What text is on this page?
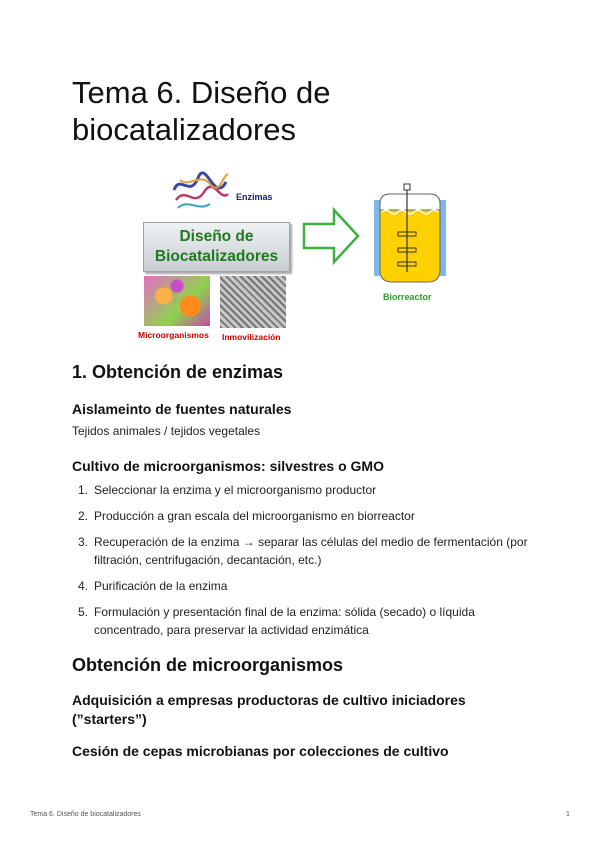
Tema 6. Diseño de biocatalizadores
Enzimas
Diseño de
Biocatalizadores
Microorganismos Inmovilización
Biorreactor
1. Obtención de enzimas
Aislameinto de fuentes naturales

Tejidos animales / tejidos vegetales

Cultivo de microorganismos: silvestres o GMO
1. Seleccionar la enzima y el microorganismo productor
2. Producción a gran escala del microorganismo en biorreactor
3. Recuperación de la enzima → separar las células del medio de fermentación (por filtración, centrifugación, decantación, etc.)
4. Purificación de la enzima
5. Formulación y presentación final de la enzima: sólida (secado) o líquida concentrado, para preservar la actividad enzimática
Obtención de microorganismos
Adquisición a empresas productoras de cultivo iniciadores (”starters”)
Cesión de cepas microbianas por colecciones de cultivo
Tema 6. Diseño de biocatalizadores	1
